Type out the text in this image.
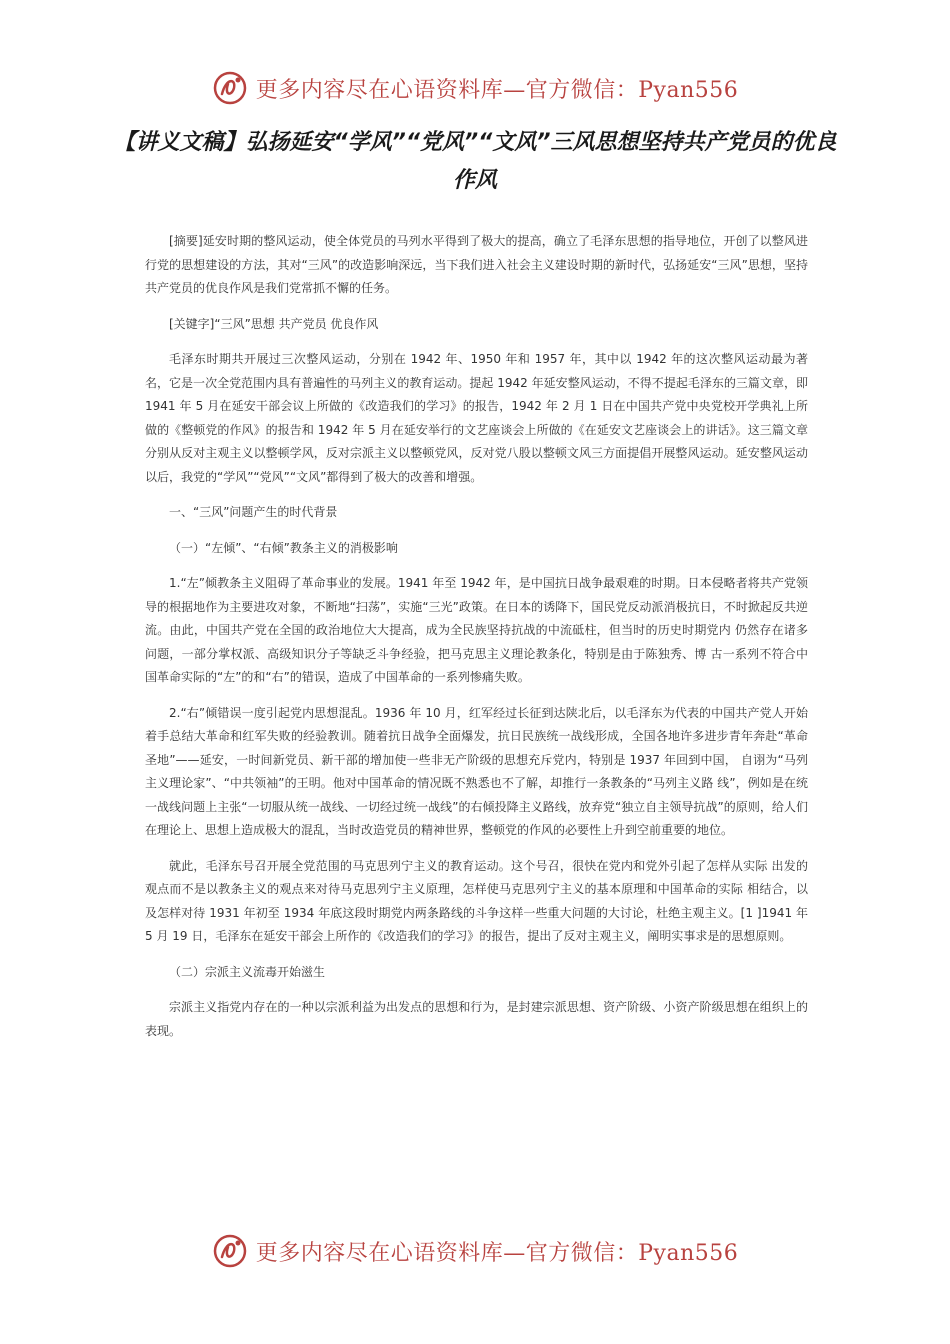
更多内容尽在心语资料库—官方微信：Pyan556
【讲义文稿】弘扬延安“学风”“党风”“文风”三风思想坚持共产党员的优良作风

[摘要]延安时期的整风运动，使全体党员的马列水平得到了极大的提高，确立了毛泽东思想的指导地位，开创了以整风进行党的思想建设的方法，其对“三风”的改造影响深远，当下我们进入社会主义建设时期的新时代，弘扬延安“三风”思想，坚持共产党员的优良作风是我们党常抓不懈的任务。

[关键字]“三风”思想 共产党员 优良作风

毛泽东时期共开展过三次整风运动，分别在 1942 年、1950 年和 1957 年，其中以 1942 年的这次整风运动最为著名，它是一次全党范围内具有普遍性的马列主义的教育运动。提起 1942 年延安整风运动，不得不提起毛泽东的三篇文章，即 1941 年 5 月在延安干部会议上所做的《改造我们的学习》的报告，1942 年 2 月 1 日在中国共产党中央党校开学典礼上所做的《整顿党的作风》的报告和 1942 年 5 月在延安举行的文艺座谈会上所做的《在延安文艺座谈会上的讲话》。这三篇文章分别从反对主观主义以整顿学风，反对宗派主义以整顿党风，反对党八股以整顿文风三方面提倡开展整风运动。延安整风运动以后，我党的“学风”“党风”“文风”都得到了极大的改善和增强。

一、“三风”问题产生的时代背景

（一）“左倾”、“右倾”教条主义的消极影响

1.“左”倾教条主义阻碍了革命事业的发展。1941 年至 1942 年，是中国抗日战争最艰难的时期。日本侵略者将共产党领导的根据地作为主要进攻对象，不断地“扫荡”，实施“三光”政策。在日本的诱降下，国民党反动派消极抗日，不时掀起反共逆流。由此，中国共产党在全国的政治地位大大提高，成为全民族坚持抗战的中流砥柱，但当时的历史时期党内 仍然存在诸多问题，一部分掌权派、高级知识分子等缺乏斗争经验，把马克思主义理论教条化，特别是由于陈独秀、博 古一系列不符合中国革命实际的“左”的和“右”的错误，造成了中国革命的一系列惨痛失败。

2.“右”倾错误一度引起党内思想混乱。1936 年 10 月，红军经过长征到达陕北后，以毛泽东为代表的中国共产党人开始着手总结大革命和红军失败的经验教训。随着抗日战争全面爆发，抗日民族统一战线形成，全国各地许多进步青年奔赴“革命圣地”——延安，一时间新党员、新干部的增加使一些非无产阶级的思想充斥党内，特别是 1937 年回到中国， 自诩为“马列主义理论家”、“中共领袖”的王明。他对中国革命的情况既不熟悉也不了解，却推行一条教条的“马列主义路 线”，例如是在统一战线问题上主张“一切服从统一战线、一切经过统一战线”的右倾投降主义路线，放弃党“独立自主领导抗战”的原则，给人们在理论上、思想上造成极大的混乱，当时改造党员的精神世界，整顿党的作风的必要性上升到空前重要的地位。

就此，毛泽东号召开展全党范围的马克思列宁主义的教育运动。这个号召，很快在党内和党外引起了怎样从实际 出发的观点而不是以教条主义的观点来对待马克思列宁主义原理，怎样使马克思列宁主义的基本原理和中国革命的实际 相结合，以及怎样对待 1931 年初至 1934 年底这段时期党内两条路线的斗争这样一些重大问题的大讨论，杜绝主观主义。[1 ]1941 年 5 月 19 日，毛泽东在延安干部会上所作的《改造我们的学习》的报告，提出了反对主观主义，阐明实事求是的思想原则。

（二）宗派主义流毒开始滋生

宗派主义指党内存在的一种以宗派利益为出发点的思想和行为，是封建宗派思想、资产阶级、小资产阶级思想在组织上的表现。

更多内容尽在心语资料库—官方微信：Pyan556
